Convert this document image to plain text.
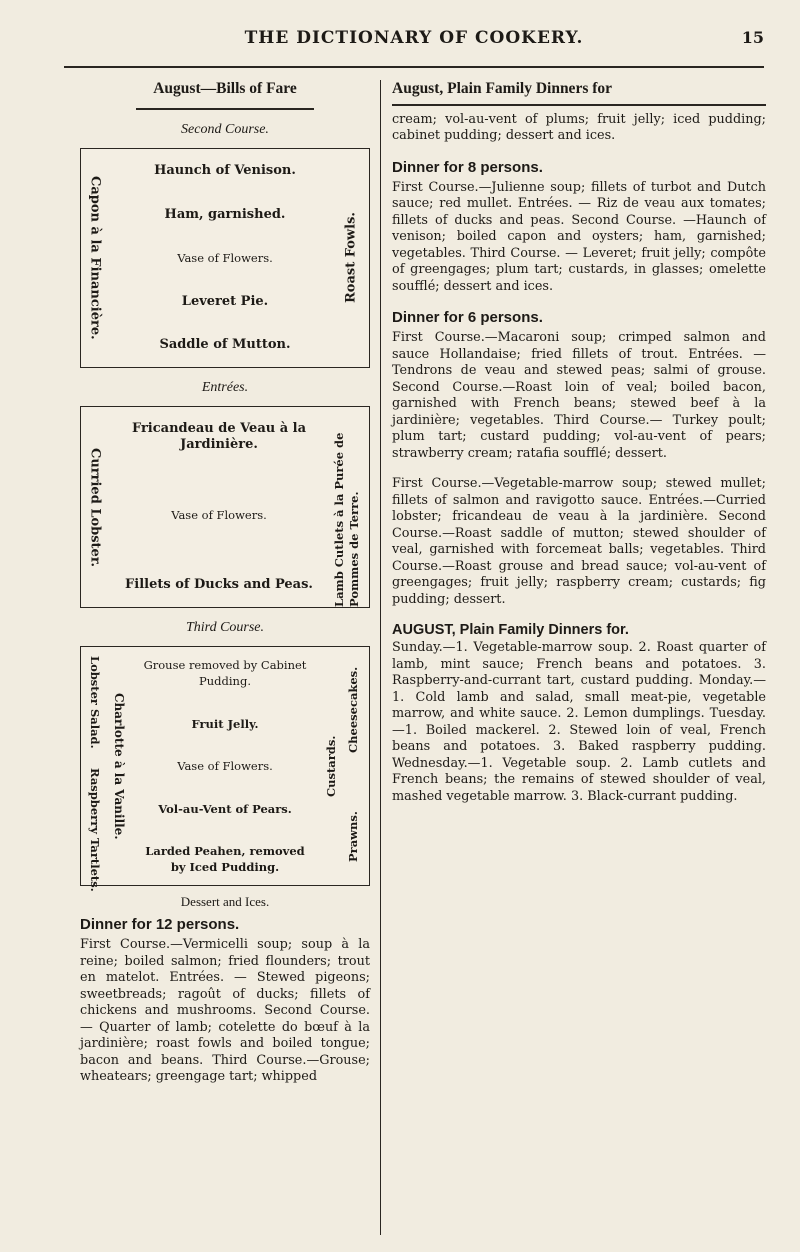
THE DICTIONARY OF COOKERY.	15
August—Bills of Fare
Second Course.
Capon à la Financière.	Roast Fowls.
Haunch of Venison.
Ham, garnished.
Vase of Flowers.
Leveret Pie.
Saddle of Mutton.
Entrées.
Curried Lobster.	Lamb Cutlets à la Purée de Pommes de Terre.
Fricandeau de Veau à la Jardinière.
Vase of Flowers.
Fillets of Ducks and Peas.
Third Course.
Lobster Salad.
Raspberry Tartlets. Charlotte à la Vanille.	Custards.
Cheesecakes.
Prawns.
Grouse removed by Cabinet Pudding.
Fruit Jelly.
Vase of Flowers.
Vol-au-Vent of Pears.
Larded Peahen, removed by Iced Pudding.
Dessert and Ices.
Dinner for 12 persons.

First Course.—Vermicelli soup; soup à la reine; boiled salmon; fried flounders; trout en matelot. Entrées. — Stewed pigeons; sweetbreads; ragoût of ducks; fillets of chickens and mushrooms. Second Course. — Quarter of lamb; cotelette do bœuf à la jardinière; roast fowls and boiled tongue; bacon and beans. Third Course.—Grouse; wheatears; greengage tart; whipped

August, Plain Family Dinners for

cream; vol-au-vent of plums; fruit jelly; iced pudding; cabinet pudding; dessert and ices.

Dinner for 8 persons.

First Course.—Julienne soup; fillets of turbot and Dutch sauce; red mullet. Entrées. — Riz de veau aux tomates; fillets of ducks and peas. Second Course. —Haunch of venison; boiled capon and oysters; ham, garnished; vegetables. Third Course. — Leveret; fruit jelly; compôte of greengages; plum tart; custards, in glasses; omelette soufflé; dessert and ices.

Dinner for 6 persons.

First Course.—Macaroni soup; crimped salmon and sauce Hollandaise; fried fillets of trout. Entrées. — Tendrons de veau and stewed peas; salmi of grouse. Second Course.—Roast loin of veal; boiled bacon, garnished with French beans; stewed beef à la jardinière; vegetables. Third Course.— Turkey poult; plum tart; custard pudding; vol-au-vent of pears; strawberry cream; ratafia soufflé; dessert.

First Course.—Vegetable-marrow soup; stewed mullet; fillets of salmon and ravigotto sauce. Entrées.—Curried lobster; fricandeau de veau à la jardinière. Second Course.—Roast saddle of mutton; stewed shoulder of veal, garnished with forcemeat balls; vegetables. Third Course.—Roast grouse and bread sauce; vol-au-vent of greengages; fruit jelly; raspberry cream; custards; fig pudding; dessert.

AUGUST, Plain Family Dinners for.

Sunday.—1. Vegetable-marrow soup. 2. Roast quarter of lamb, mint sauce; French beans and potatoes. 3. Raspberry-and-currant tart, custard pudding. Monday.—1. Cold lamb and salad, small meat-pie, vegetable marrow, and white sauce. 2. Lemon dumplings. Tuesday.—1. Boiled mackerel. 2. Stewed loin of veal, French beans and potatoes. 3. Baked raspberry pudding. Wednesday.—1. Vegetable soup. 2. Lamb cutlets and French beans; the remains of stewed shoulder of veal, mashed vegetable marrow. 3. Black-currant pudding.
